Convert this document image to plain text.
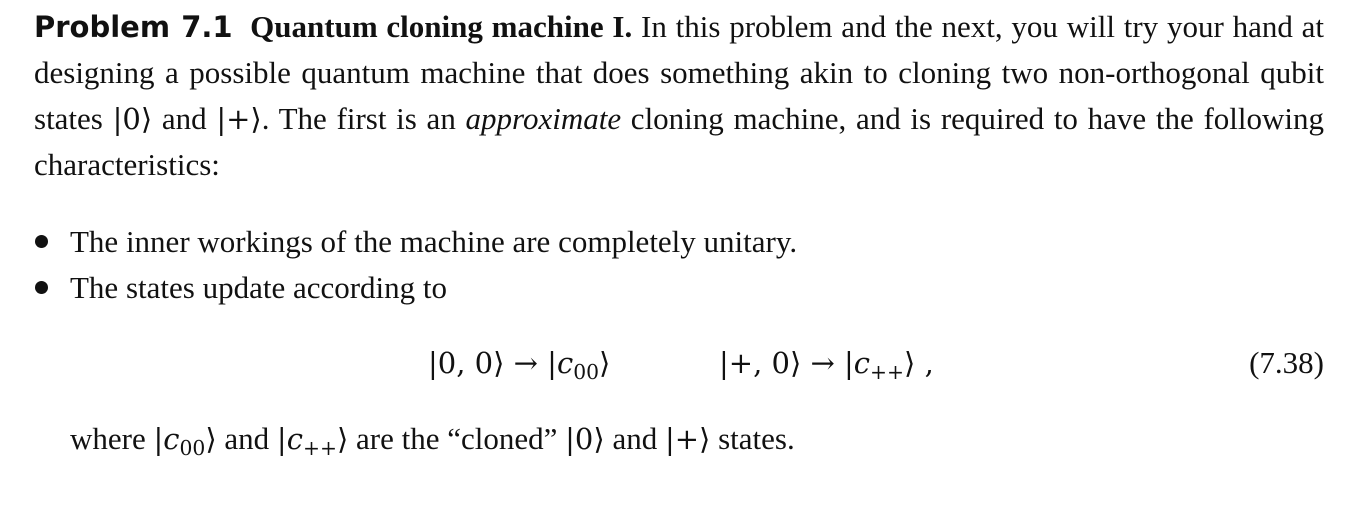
Problem 7.1 Quantum cloning machine I. In this problem and the next, you will try your hand at designing a possible quantum machine that does something akin to cloning two non-orthogonal qubit states |0⟩ and |+⟩. The first is an approximate cloning machine, and is required to have the following characteristics:

The inner workings of the machine are completely unitary.
The states update according to
|0, 0⟩ → $|c_{00}⟩$	|+, 0⟩ → $|c_{++}⟩$ ,	(7.38)
where $|c_{00}⟩$ and $|c_{++}⟩$ are the “cloned” |0⟩ and |+⟩ states.
